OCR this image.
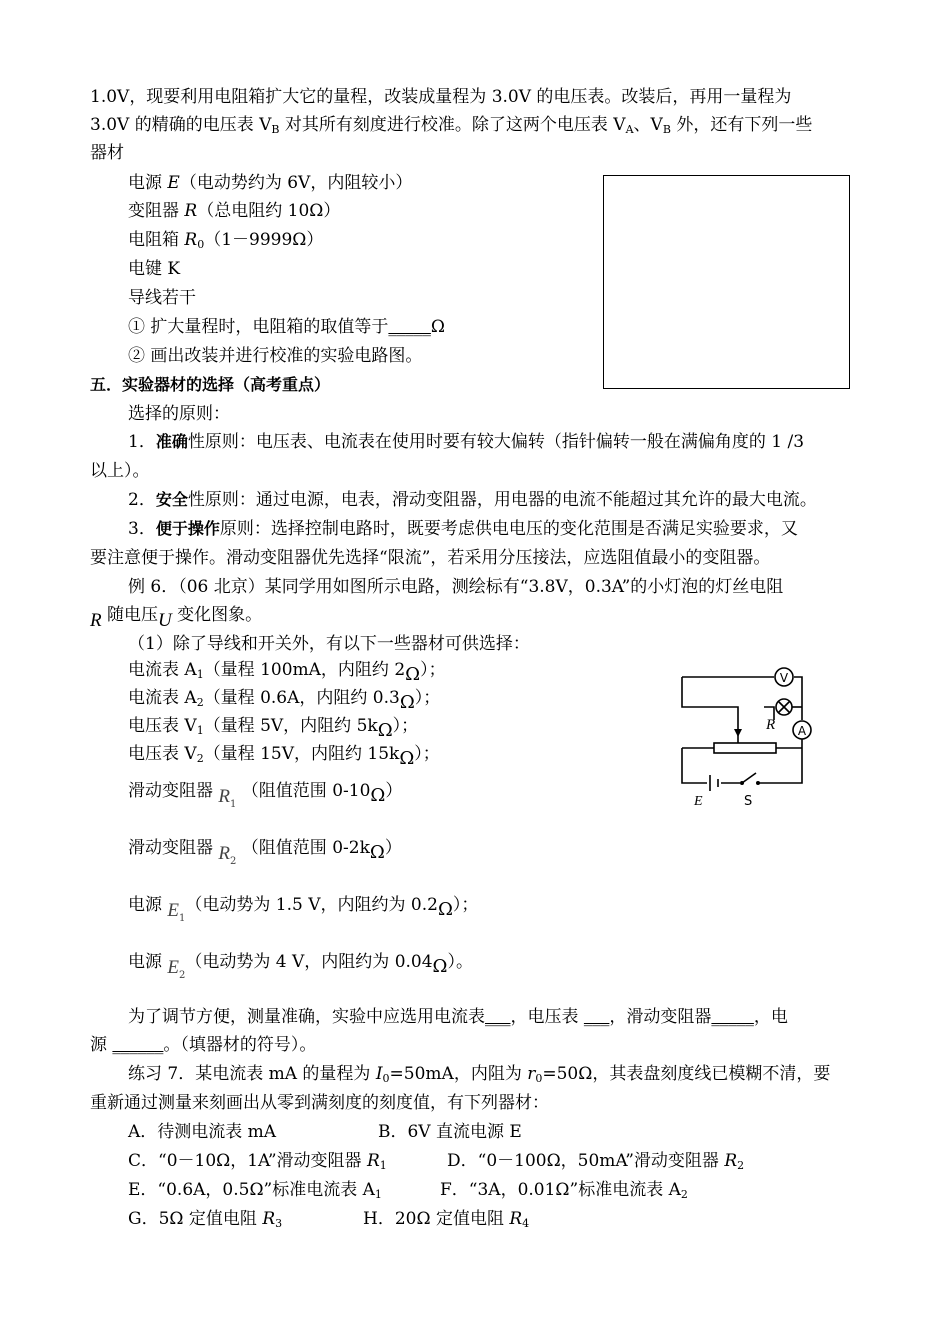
1.0V，现要利用电阻箱扩大它的量程，改装成量程为 3.0V 的电压表。改装后，再用一量程为
3.0V 的精确的电压表 $V_B$ 对其所有刻度进行校准。除了这两个电压表 $V_A$、$V_B$ 外，还有下列一些
器材
电源 E（电动势约为 6V，内阻较小）
变阻器 R（总电阻约 10Ω）
电阻箱 $R_0(1-9999\Omega)$
电键 K
导线若干
① 扩大量程时，电阻箱的取值等于_____Ω
② 画出改装并进行校准的实验电路图。
五．实验器材的选择（高考重点）
选择的原则：
1．准确性原则：电压表、电流表在使用时要有较大偏转（指针偏转一般在满偏角度的 1 /3
以上）。
2．安全性原则：通过电源，电表，滑动变阻器，用电器的电流不能超过其允许的最大电流。
3．便于操作原则：选择控制电路时，既要考虑供电电压的变化范围是否满足实验要求，又
要注意便于操作。滑动变阻器优先选择“限流”，若采用分压接法，应选阻值最小的变阻器。
例 6．（06 北京）某同学用如图所示电路，测绘标有“3.8V，0.3A”的小灯泡的灯丝电阻
R 随电压U 变化图象。
（1）除了导线和开关外，有以下一些器材可供选择：
电流表 $A_1$（量程 100mA，内阻约 2Ω）；
电流表 $A_2$（量程 0.6A，内阻约 0.3Ω）；
电压表 $V_1$（量程 5V，内阻约 5kΩ）；
电压表 $V_2$（量程 15V，内阻约 15kΩ）；
滑动变阻器 $R_1$ （阻值范围 0-10Ω）
滑动变阻器 $R_2$ （阻值范围 0-2kΩ）
电源 $E_1$（电动势为 1.5 V，内阻约为 0.2Ω）；
电源 $E_2$（电动势为 4 V，内阻约为 0.04Ω）。
为了调节方便，测量准确，实验中应选用电流表___，电压表 ___，滑动变阻器_____，电
源 ______。（填器材的符号）。
V
A
R
E	S
练习 7．某电流表 mA 的量程为 $I_0=50mA$，内阻为 $r_0=50\Omega$，其表盘刻度线已模糊不清，要
重新通过测量来刻画出从零到满刻度的刻度值，有下列器材：
A．待测电流表 mA	B．6V 直流电源 E
C．“0－10Ω，1A”滑动变阻器 $R_1$	D．“0－100Ω，50mA”滑动变阻器 $R_2$
E．“0.6A，0.5Ω”标准电流表 $A_1$	F．“3A，0.01Ω”标准电流表 $A_2$
G．5Ω 定值电阻 $R_3$	H．20Ω 定值电阻 $R_4$
